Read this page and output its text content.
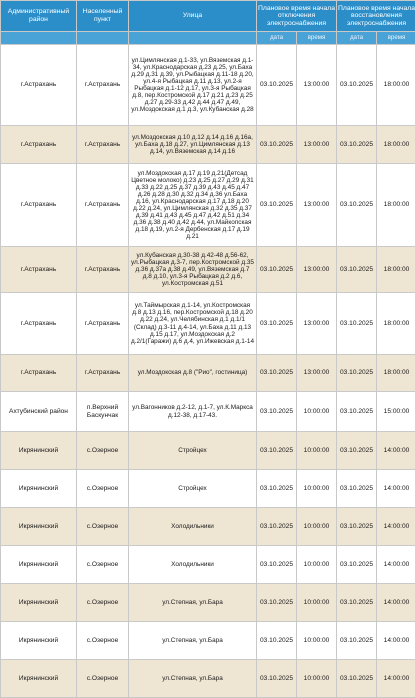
Административный район	Населенный пункт	Улица	Плановое время начала отключения электроснабжения		Плановое время начала восстановления электроснабжения	
			дата	время	дата	время
г.Астрахань	г.Астрахань	ул.Цимлянская д.1-33, ул.Вяземская д.1-34, ул.Краснодарская д.23 д.25, ул.Баха д.29 д.31 д.39, ул.Рыбацкая д.11-18 д.20, ул.4-я Рыбацкая д.11 д.13, ул.2-я Рыбацкая д.1-12 д.17, ул.3-я Рыбацкая д.8, пер.Костромской д.17 д.21 д.23 д.25 д.27 д.29-33 д.42 д.44 д.47 д.49, ул.Моздокская д.1 д.3, ул.Кубанская д.28	03.10.2025	13:00:00	03.10.2025	18:00:00
г.Астрахань	г.Астрахань	ул.Моздокская д.10 д.12 д.14 д.16 д.16а, ул.Баха д.18 д.27, ул.Цимлянская д.13 д.14, ул.Вяземская д.14 д.16	03.10.2025	13:00:00	03.10.2025	18:00:00
г.Астрахань	г.Астрахань	ул.Моздокская д.17 д.19 д.21(Детсад Цветное молоко) д.23 д.25 д.27 д.29 д.31 д.33 д.22 д.25 д.37 д.39 д.43 д.45 д.47 д.26 д.28 д.30 д.32 д.34 д.36 ул.Баха д.16, ул.Краснодарская д.17 д.18 д.20 д.22 д.24, ул.Цимлянская д.32 д.35 д.37 д.39 д.41 д.43 д.45 д.47 д.42 д.51 д.34 д.36 д.38 д.40 д.42 д.44, ул.Майкопская д.18 д.19, ул.2-я Дербенская д.17 д.19 д.21	03.10.2025	13:00:00	03.10.2025	18:00:00
г.Астрахань	г.Астрахань	ул.Кубанская д.30-38 д.42-48 д.56-62, ул.Рыбацкая д.3-7, пер.Костромской д.35 д.36 д.37а д.38 д.49, ул.Вяземская д.7 д.8 д.10, ул.3-я Рыбацкая д.2 д.6, ул.Костромская д.51	03.10.2025	13:00:00	03.10.2025	18:00:00
г.Астрахань	г.Астрахань	ул.Таймырская д.1-14, ул.Костромская д.8 д.13 д.16, пер.Костромской д.18 д.20 д.22 д.24, ул.Челябинская д.1 д.1/1 (Склад) д.3-11 д.4-14, ул.Баха д.11 д.13 д.15 д.17, ул.Моздокская д.2 д.2/1(Гаражи) д.6 д.4, ул.Ижевская д.1-14	03.10.2025	13:00:00	03.10.2025	18:00:00
г.Астрахань	г.Астрахань	ул.Моздокская д.8 ("Рио", гостиница)	03.10.2025	13:00:00	03.10.2025	18:00:00
Ахтубинский район	п.Верхний Баскунчак	ул.Вагонников д.2-12, д.1-7, ул.К.Маркса д.12-38, д.17-43.	03.10.2025	10:00:00	03.10.2025	15:00:00
Икрянинский	с.Озерное	Стройцех	03.10.2025	10:00:00	03.10.2025	14:00:00
Икрянинский	с.Озерное	Стройцех	03.10.2025	10:00:00	03.10.2025	14:00:00
Икрянинский	с.Озерное	Холодильники	03.10.2025	10:00:00	03.10.2025	14:00:00
Икрянинский	с.Озерное	Холодильники	03.10.2025	10:00:00	03.10.2025	14:00:00
Икрянинский	с.Озерное	ул.Степная, ул.Бара	03.10.2025	10:00:00	03.10.2025	14:00:00
Икрянинский	с.Озерное	ул.Степная, ул.Бара	03.10.2025	10:00:00	03.10.2025	14:00:00
Икрянинский	с.Озерное	ул.Степная, ул.Бара	03.10.2025	10:00:00	03.10.2025	14:00:00
